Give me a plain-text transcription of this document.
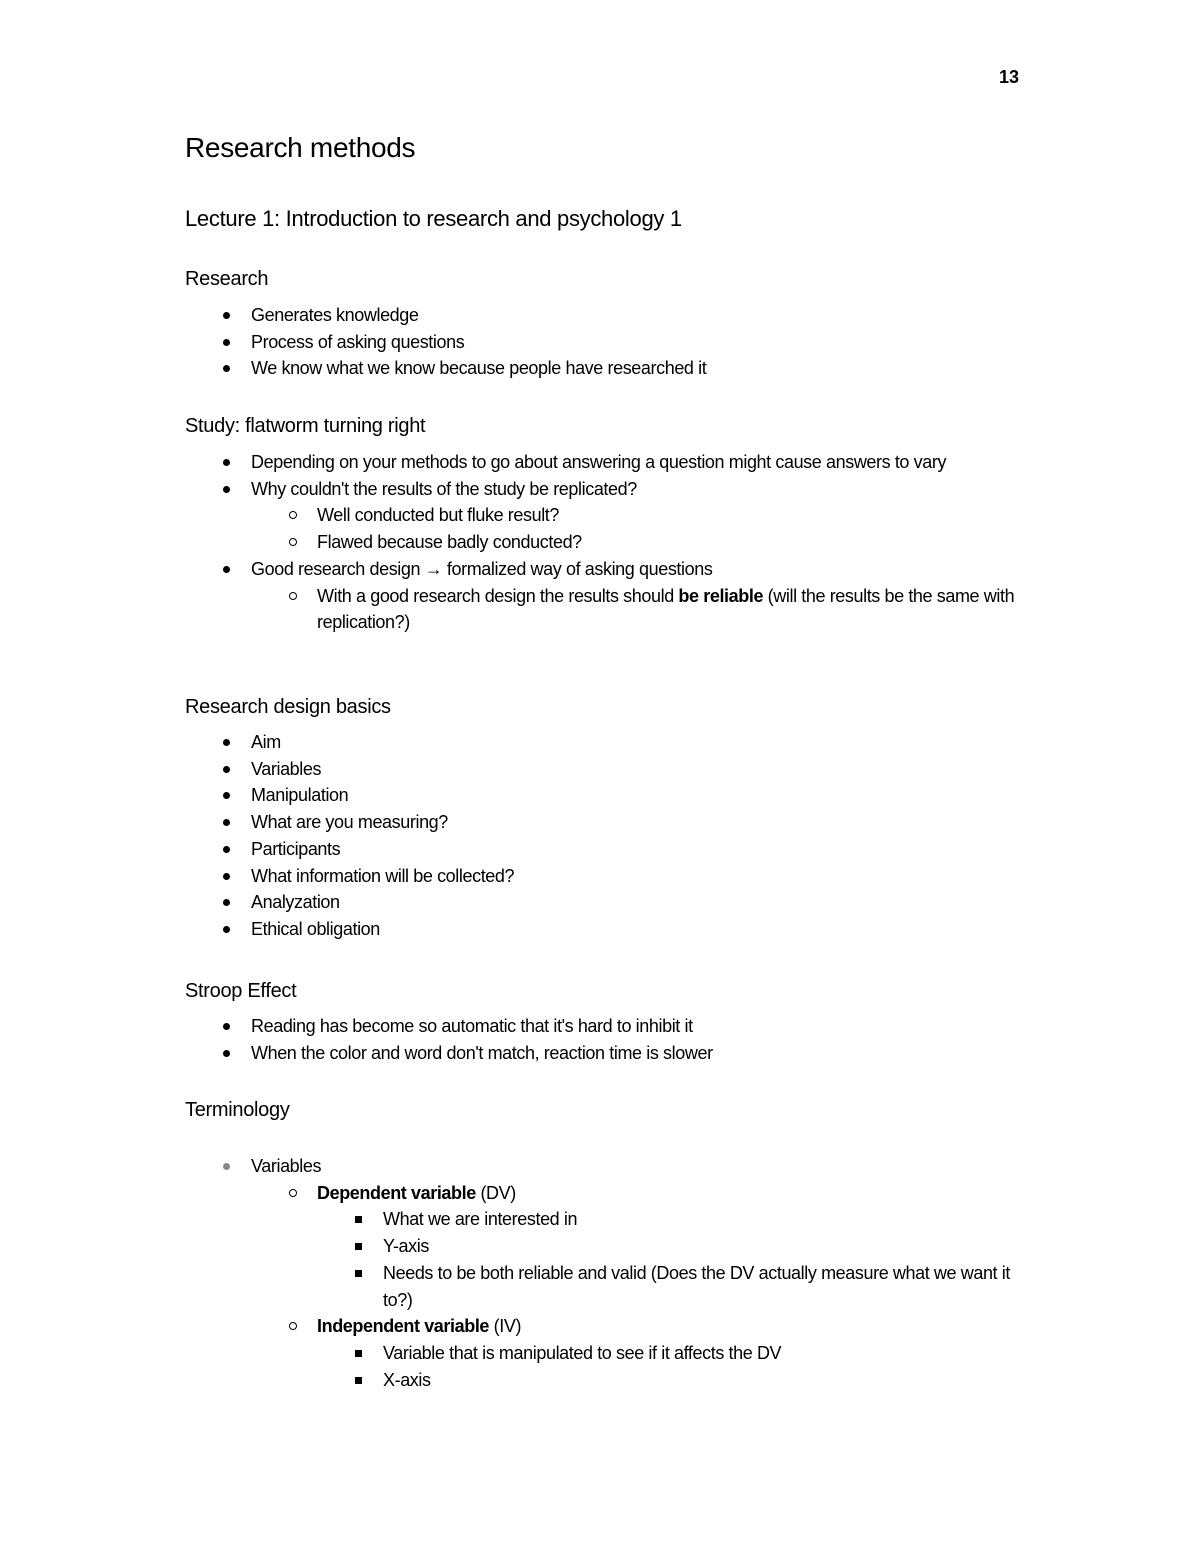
13
Research methods
Lecture 1: Introduction to research and psychology 1
Research
Generates knowledge
Process of asking questions
We know what we know because people have researched it
Study: flatworm turning right
Depending on your methods to go about answering a question might cause answers to vary
Why couldn't the results of the study be replicated?
Well conducted but fluke result?
Flawed because badly conducted?
Good research design → formalized way of asking questions
With a good research design the results should be reliable (will the results be the same with replication?)
Research design basics
Aim
Variables
Manipulation
What are you measuring?
Participants
What information will be collected?
Analyzation
Ethical obligation
Stroop Effect
Reading has become so automatic that it's hard to inhibit it
When the color and word don't match, reaction time is slower
Terminology
Variables
Dependent variable (DV)
What we are interested in
Y-axis
Needs to be both reliable and valid (Does the DV actually measure what we want it to?)
Independent variable (IV)
Variable that is manipulated to see if it affects the DV
X-axis
